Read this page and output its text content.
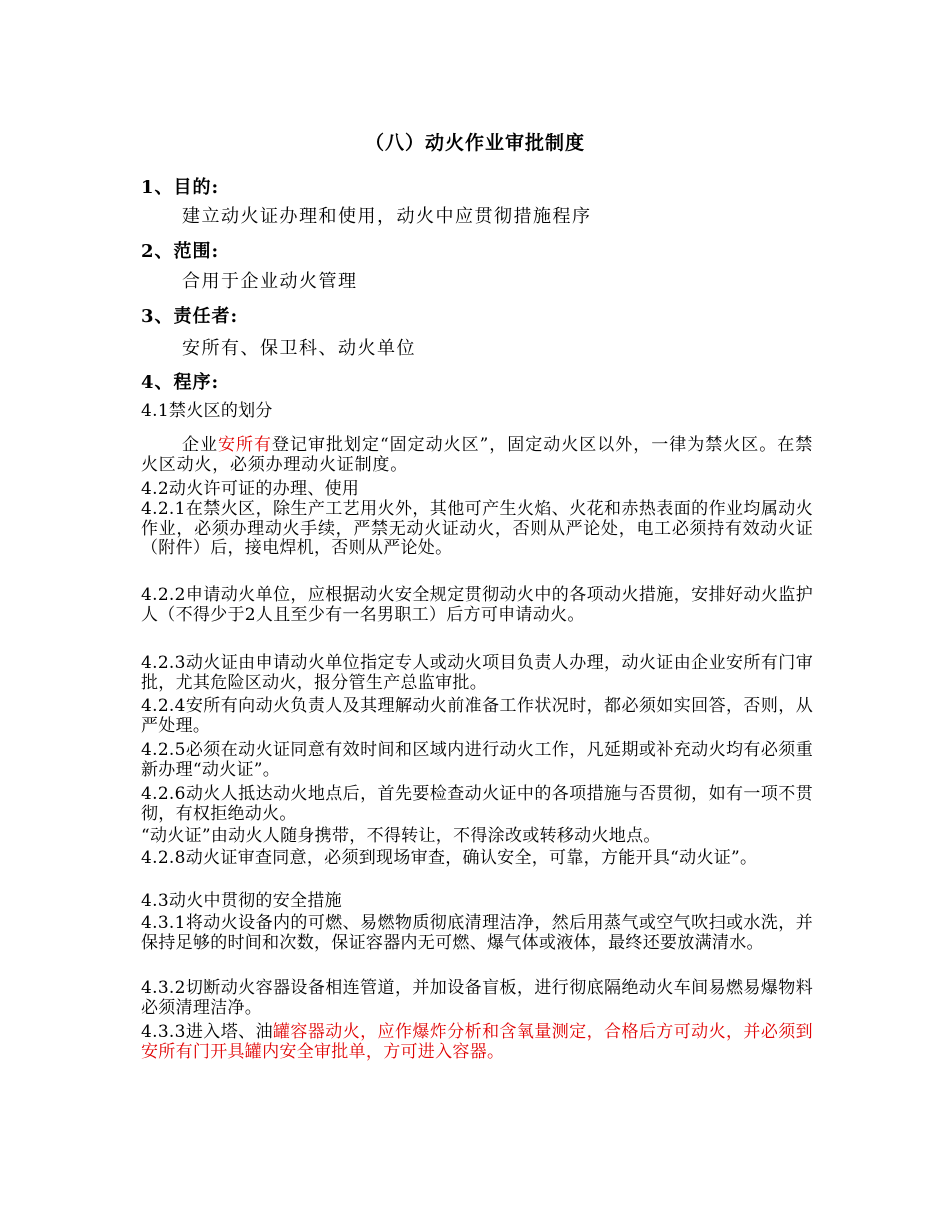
（八）动火作业审批制度
1、目的:
建立动火证办理和使用，动火中应贯彻措施程序
2、范围:
合用于企业动火管理
3、责任者:
安所有、保卫科、动火单位
4、程序:
4.1禁火区的划分
企业安所有登记审批划定“固定动火区”，固定动火区以外，一律为禁火区。在禁火区动火，必须办理动火证制度。
4.2动火许可证的办理、使用
4.2.1在禁火区，除生产工艺用火外，其他可产生火焰、火花和赤热表面的作业均属动火作业，必须办理动火手续，严禁无动火证动火，否则从严论处，电工必须持有效动火证（附件）后，接电焊机，否则从严论处。
4.2.2申请动火单位，应根据动火安全规定贯彻动火中的各项动火措施，安排好动火监护人（不得少于2人且至少有一名男职工）后方可申请动火。
4.2.3动火证由申请动火单位指定专人或动火项目负责人办理，动火证由企业安所有门审批，尤其危险区动火，报分管生产总监审批。
4.2.4安所有向动火负责人及其理解动火前准备工作状况时，都必须如实回答，否则，从严处理。
4.2.5必须在动火证同意有效时间和区域内进行动火工作，凡延期或补充动火均有必须重新办理“动火证”。
4.2.6动火人抵达动火地点后，首先要检查动火证中的各项措施与否贯彻，如有一项不贯彻，有权拒绝动火。
“动火证”由动火人随身携带，不得转让，不得涂改或转移动火地点。
4.2.8动火证审查同意，必须到现场审查，确认安全，可靠，方能开具“动火证”。
4.3动火中贯彻的安全措施
4.3.1将动火设备内的可燃、易燃物质彻底清理洁净，然后用蒸气或空气吹扫或水洗，并保持足够的时间和次数，保证容器内无可燃、爆气体或液体，最终还要放满清水。
4.3.2切断动火容器设备相连管道，并加设备盲板，进行彻底隔绝动火车间易燃易爆物料必须清理洁净。
4.3.3进入塔、油罐容器动火，应作爆炸分析和含氧量测定，合格后方可动火，并必须到安所有门开具罐内安全审批单，方可进入容器。
